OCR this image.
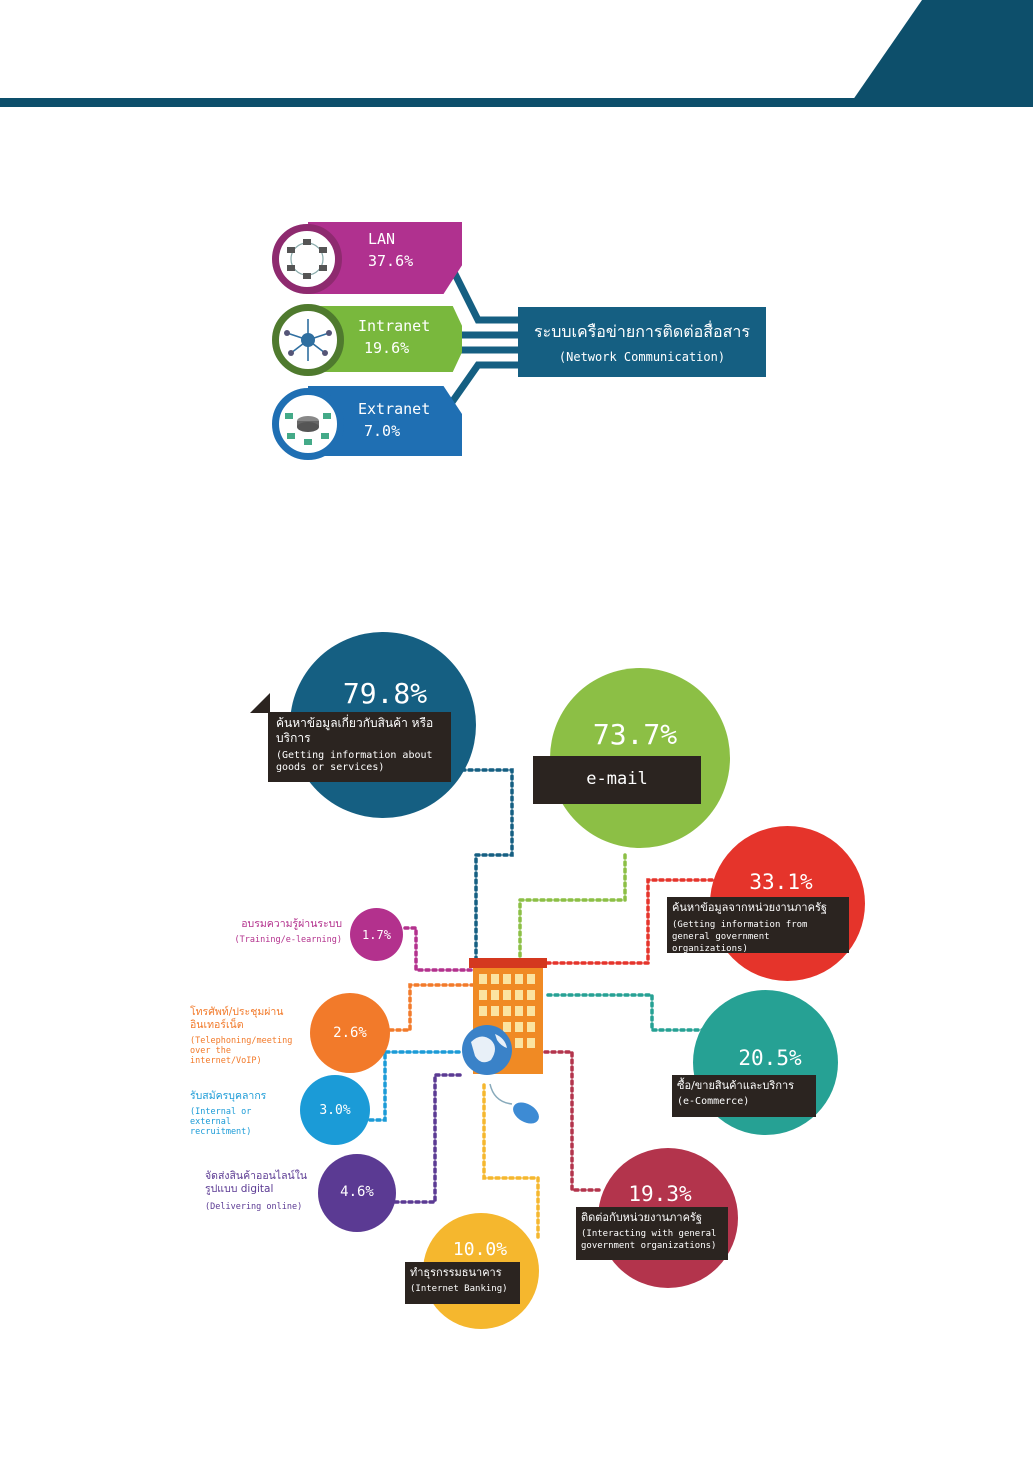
LAN
37.6%
Intranet
19.6%
Extranet
7.0%
ระบบเครือข่ายการติดต่อสื่อสาร
(Network Communication)
79.8%
ค้นหาข้อมูลเกี่ยวกับสินค้า หรือบริการ
(Getting information about goods or services)
73.7%
e-mail
33.1%
ค้นหาข้อมูลจากหน่วยงานภาครัฐ
(Getting information from general government organizations)
20.5%
ซื้อ/ขายสินค้าและบริการ
(e-Commerce)
19.3%
ติดต่อกับหน่วยงานภาครัฐ
(Interacting with general government organizations)
10.0%
ทำธุรกรรมธนาคาร
(Internet Banking)
1.7%
อบรมความรู้ผ่านระบบ
(Training/e-learning)
2.6%
โทรศัพท์/ประชุมผ่าน อินเทอร์เน็ต
(Telephoning/meeting over the internet/VoIP)
3.0%
รับสมัครบุคลากร
(Internal or external recruitment)
4.6%
จัดส่งสินค้าออนไลน์ใน รูปแบบ digital
(Delivering online)
